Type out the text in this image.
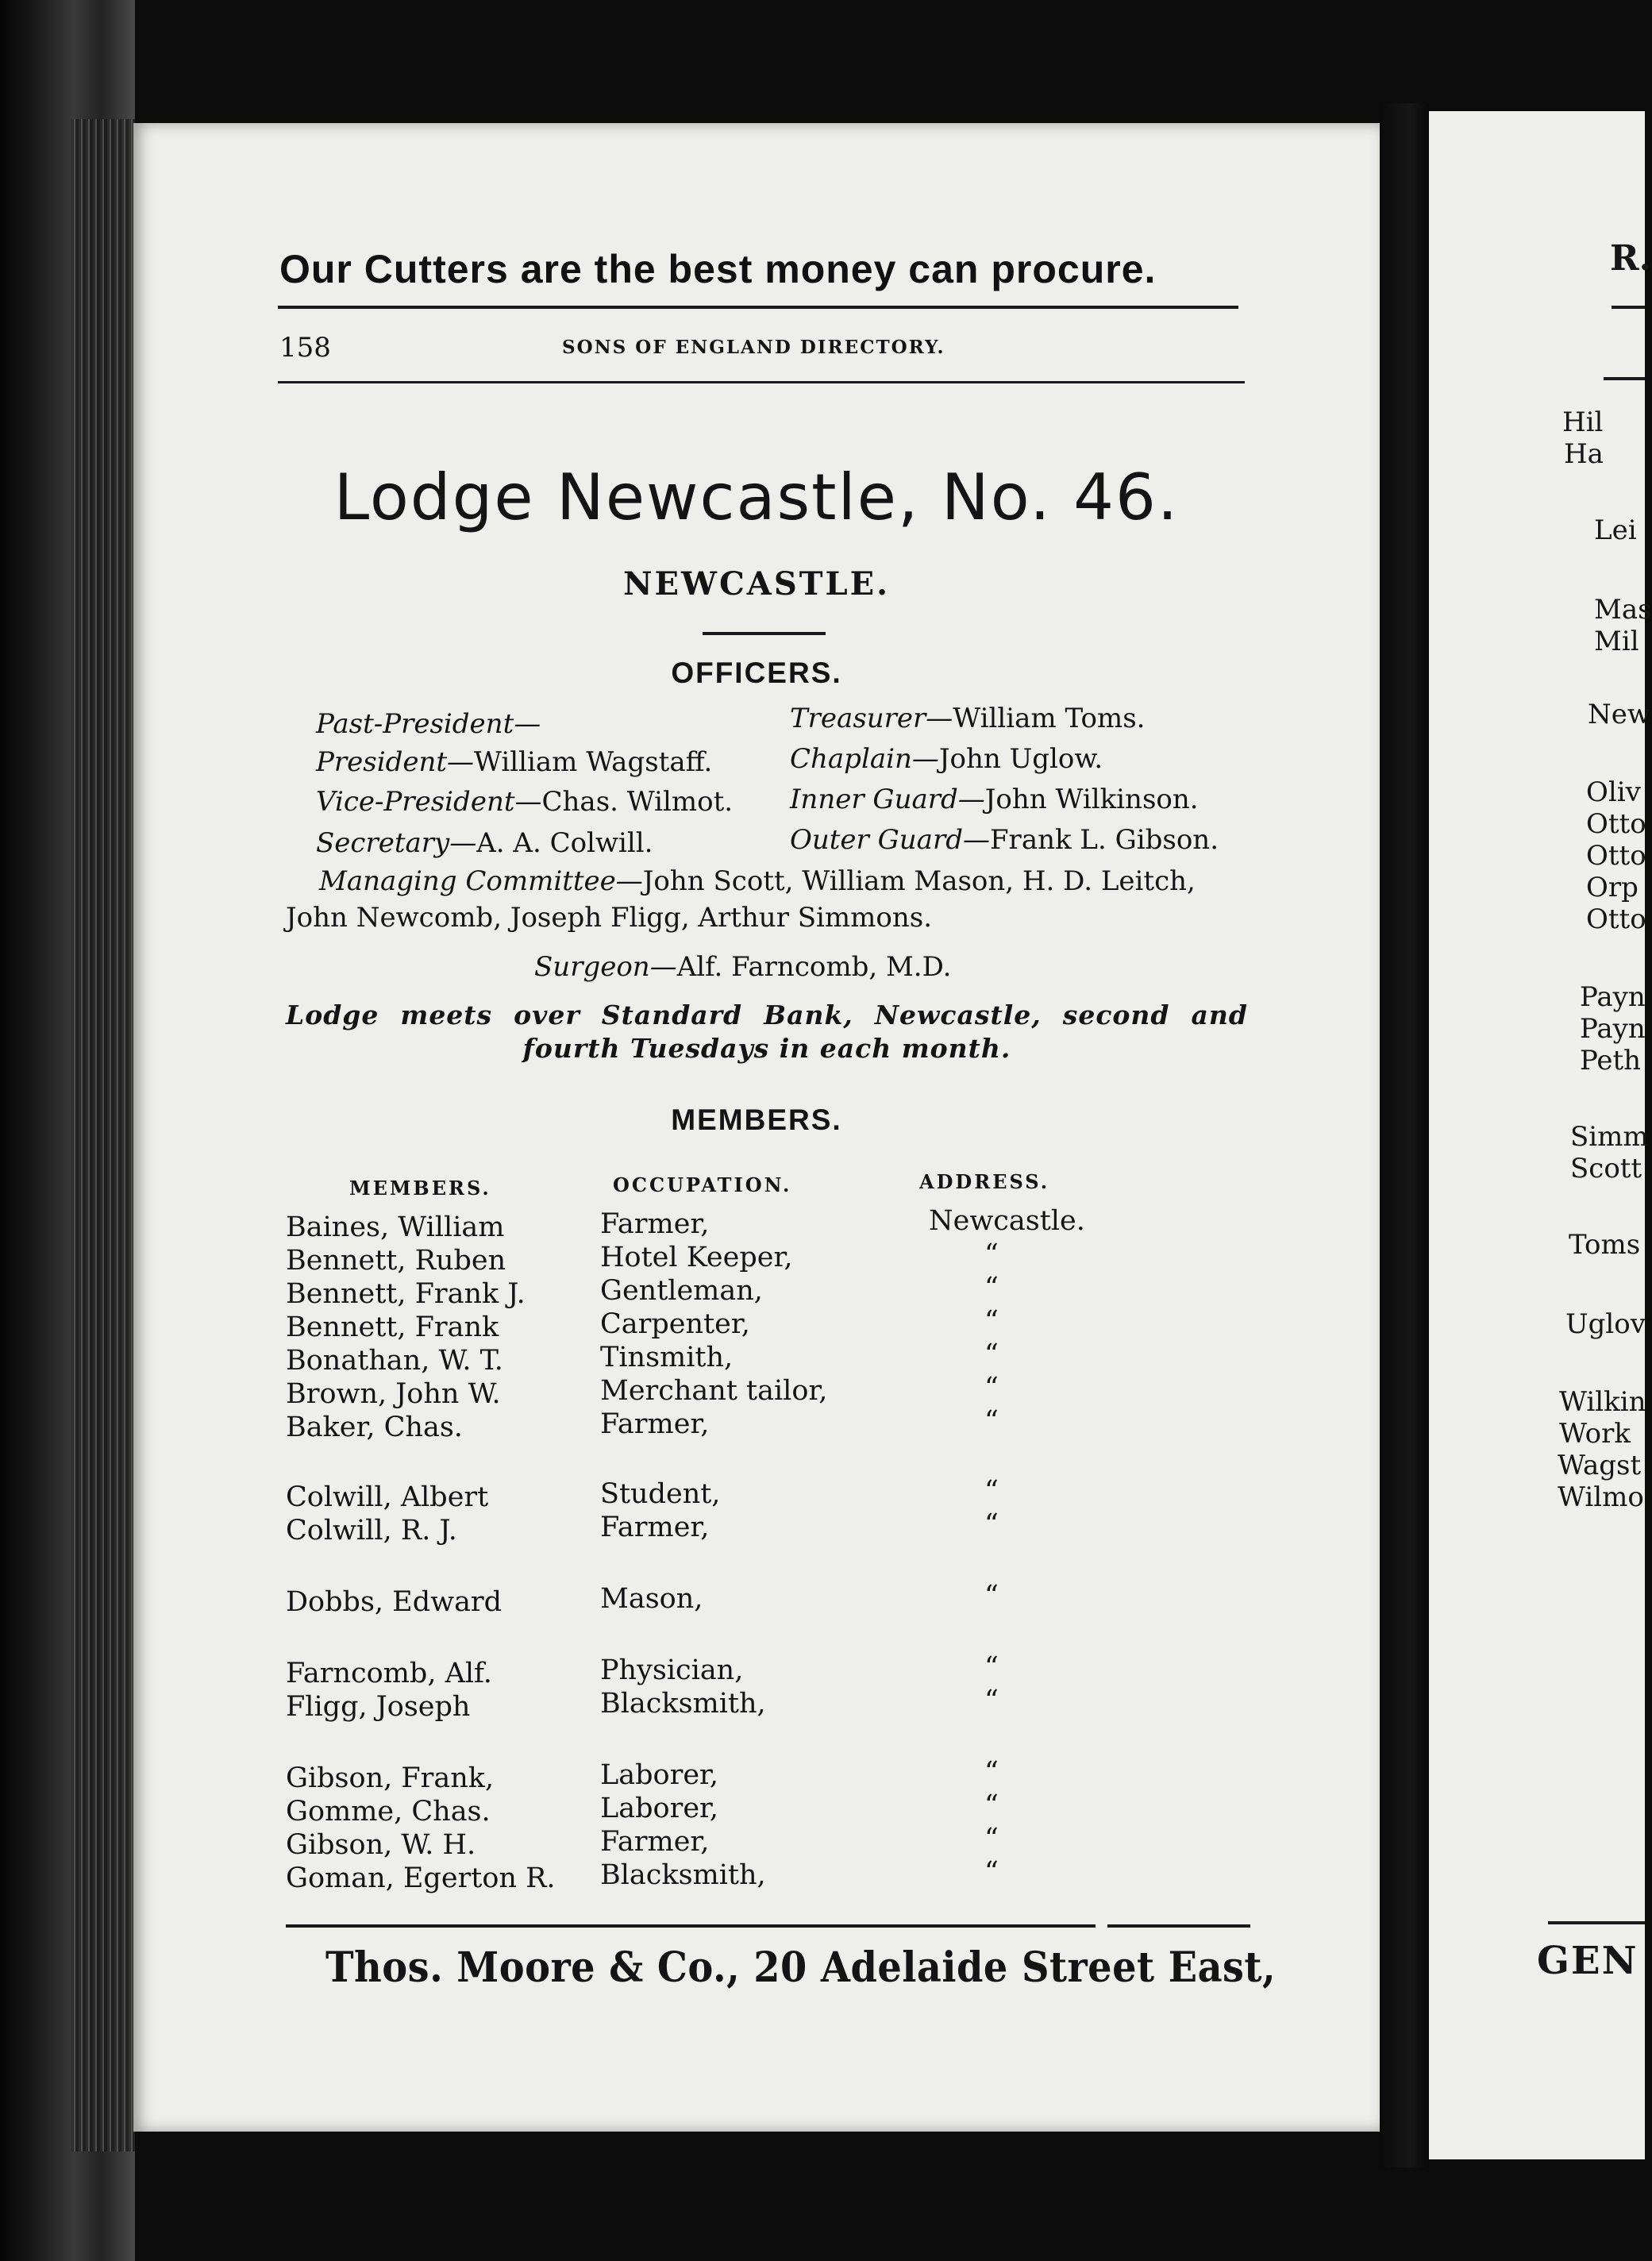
Our Cutters are the best money can procure.
158	SONS OF ENGLAND DIRECTORY.
Lodge Newcastle, No. 46.
NEWCASTLE.
OFFICERS.
Past-President—
President—William Wagstaff.
Vice-President—Chas. Wilmot.
Secretary—A. A. Colwill.
Treasurer—William Toms.
Chaplain—John Uglow.
Inner Guard—John Wilkinson.
Outer Guard—Frank L. Gibson.
Managing Committee—John Scott, William Mason, H. D. Leitch,
John Newcomb, Joseph Fligg, Arthur Simmons.
Surgeon—Alf. Farncomb, M.D.
Lodge meets over Standard Bank, Newcastle, second and fourth Tuesdays in each month.
MEMBERS.
MEMBERS.	OCCUPATION.	ADDRESS.
Baines, William	Farmer,	Newcastle.
Bennett, Ruben	Hotel Keeper,	“
Bennett, Frank J.	Gentleman,	“
Bennett, Frank	Carpenter,	“
Bonathan, W. T.	Tinsmith,	“
Brown, John W.	Merchant tailor,	“
Baker, Chas.	Farmer,	“
Colwill, Albert	Student,	“
Colwill, R. J.	Farmer,	“
Dobbs, Edward	Mason,	“
Farncomb, Alf.	Physician,	“
Fligg, Joseph	Blacksmith,	“
Gibson, Frank,	Laborer,	“
Gomme, Chas.	Laborer,	“
Gibson, W. H.	Farmer,	“
Goman, Egerton R. Blacksmith,	“
Thos. Moore & Co., 20 Adelaide Street East,
R.
Hil
Ha
Lei
Mas
Mil
New
Oliv
Otto
Otto
Orp
Otto
Payn
Payn
Peth
Simm
Scott
Toms
Uglov
Wilkin
Work
Wagst
Wilmo
GEN
